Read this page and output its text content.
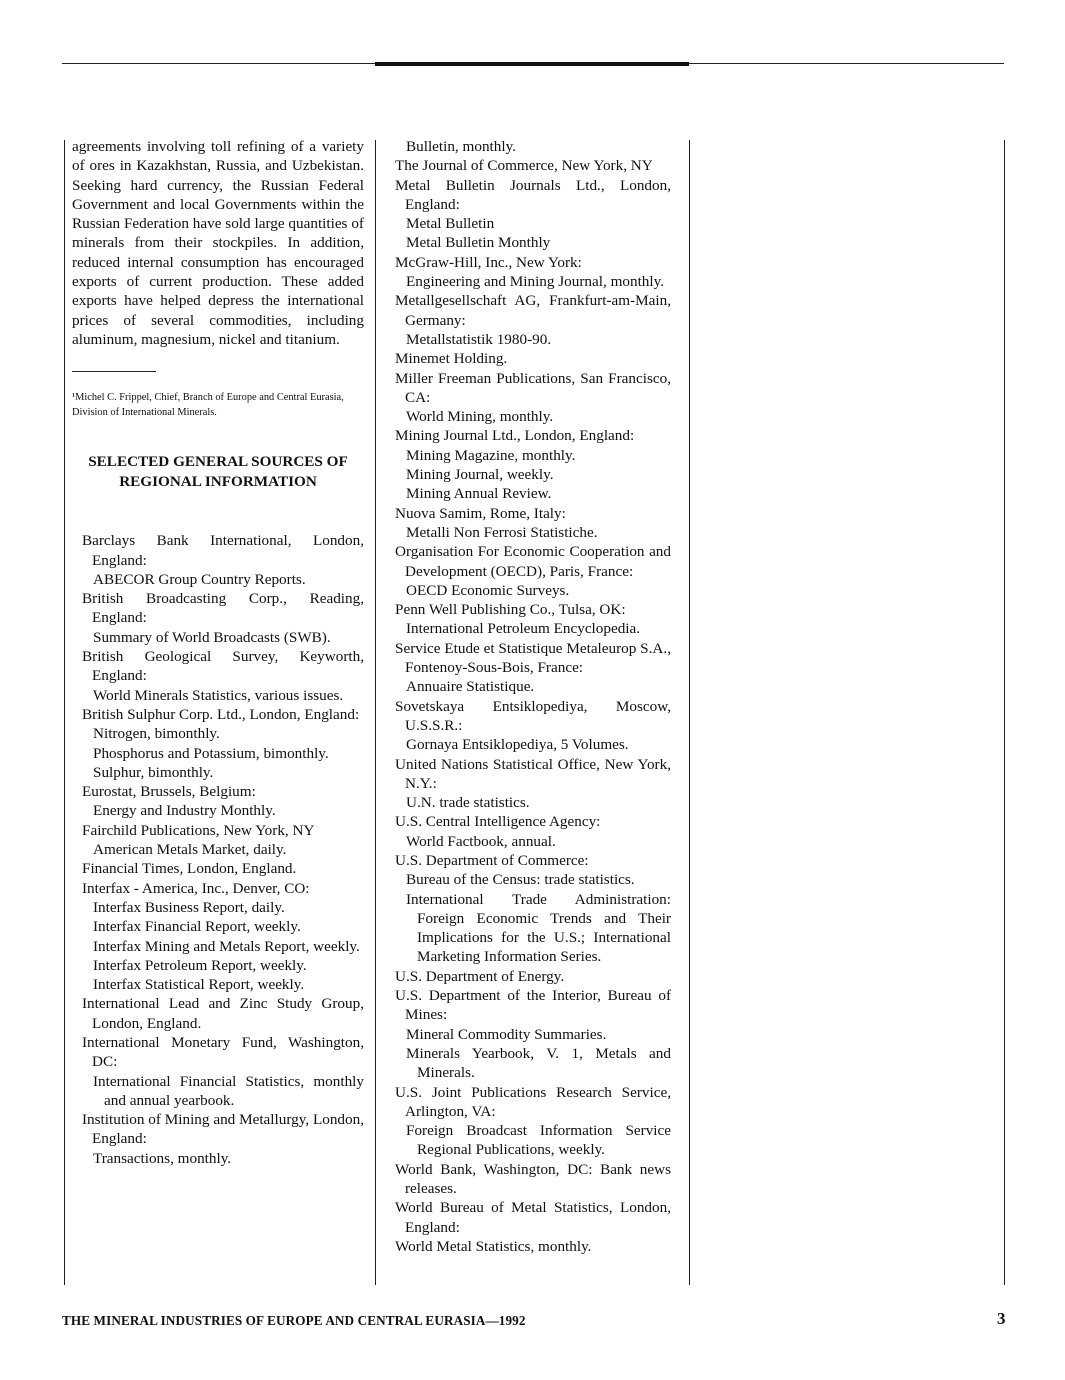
agreements involving toll refining of a variety of ores in Kazakhstan, Russia, and Uzbekistan. Seeking hard currency, the Russian Federal Government and local Governments within the Russian Federation have sold large quantities of minerals from their stockpiles. In addition, reduced internal consumption has encouraged exports of current production. These added exports have helped depress the international prices of several commodities, including aluminum, magnesium, nickel and titanium.

¹Michel C. Frippel, Chief, Branch of Europe and Central Eurasia, Division of International Minerals.

SELECTED GENERAL SOURCES OF
REGIONAL INFORMATION
Barclays Bank International, London, England:
ABECOR Group Country Reports.
British Broadcasting Corp., Reading, England:
Summary of World Broadcasts (SWB).
British Geological Survey, Keyworth, England:
World Minerals Statistics, various issues.
British Sulphur Corp. Ltd., London, England:
Nitrogen, bimonthly.
Phosphorus and Potassium, bimonthly.
Sulphur, bimonthly.
Eurostat, Brussels, Belgium:
Energy and Industry Monthly.
Fairchild Publications, New York, NY
American Metals Market, daily.
Financial Times, London, England.
Interfax - America, Inc., Denver, CO:
Interfax Business Report, daily.
Interfax Financial Report, weekly.
Interfax Mining and Metals Report, weekly.
Interfax Petroleum Report, weekly.
Interfax Statistical Report, weekly.
International Lead and Zinc Study Group, London, England.
International Monetary Fund, Washington, DC:
International Financial Statistics, monthly and annual yearbook.
Institution of Mining and Metallurgy, London, England:
Transactions, monthly.
Bulletin, monthly.
The Journal of Commerce, New York, NY
Metal Bulletin Journals Ltd., London, England:
Metal Bulletin
Metal Bulletin Monthly
McGraw-Hill, Inc., New York:
Engineering and Mining Journal, monthly.
Metallgesellschaft AG, Frankfurt-am-Main, Germany:
Metallstatistik 1980-90.
Minemet Holding.
Miller Freeman Publications, San Francisco, CA:
World Mining, monthly.
Mining Journal Ltd., London, England:
Mining Magazine, monthly.
Mining Journal, weekly.
Mining Annual Review.
Nuova Samim, Rome, Italy:
Metalli Non Ferrosi Statistiche.
Organisation For Economic Cooperation and Development (OECD), Paris, France:
OECD Economic Surveys.
Penn Well Publishing Co., Tulsa, OK:
International Petroleum Encyclopedia.
Service Etude et Statistique Metaleurop S.A., Fontenoy-Sous-Bois, France:
Annuaire Statistique.
Sovetskaya Entsiklopediya, Moscow, U.S.S.R.:
Gornaya Entsiklopediya, 5 Volumes.
United Nations Statistical Office, New York, N.Y.:
U.N. trade statistics.
U.S. Central Intelligence Agency:
World Factbook, annual.
U.S. Department of Commerce:
Bureau of the Census: trade statistics.
International Trade Administration: Foreign Economic Trends and Their Implications for the U.S.; International Marketing Information Series.
U.S. Department of Energy.
U.S. Department of the Interior, Bureau of Mines:
Mineral Commodity Summaries.
Minerals Yearbook, V. 1, Metals and Minerals.
U.S. Joint Publications Research Service, Arlington, VA:
Foreign Broadcast Information Service Regional Publications, weekly.
World Bank, Washington, DC: Bank news releases.
World Bureau of Metal Statistics, London, England:
World Metal Statistics, monthly.
THE MINERAL INDUSTRIES OF EUROPE AND CENTRAL EURASIA—1992	3
